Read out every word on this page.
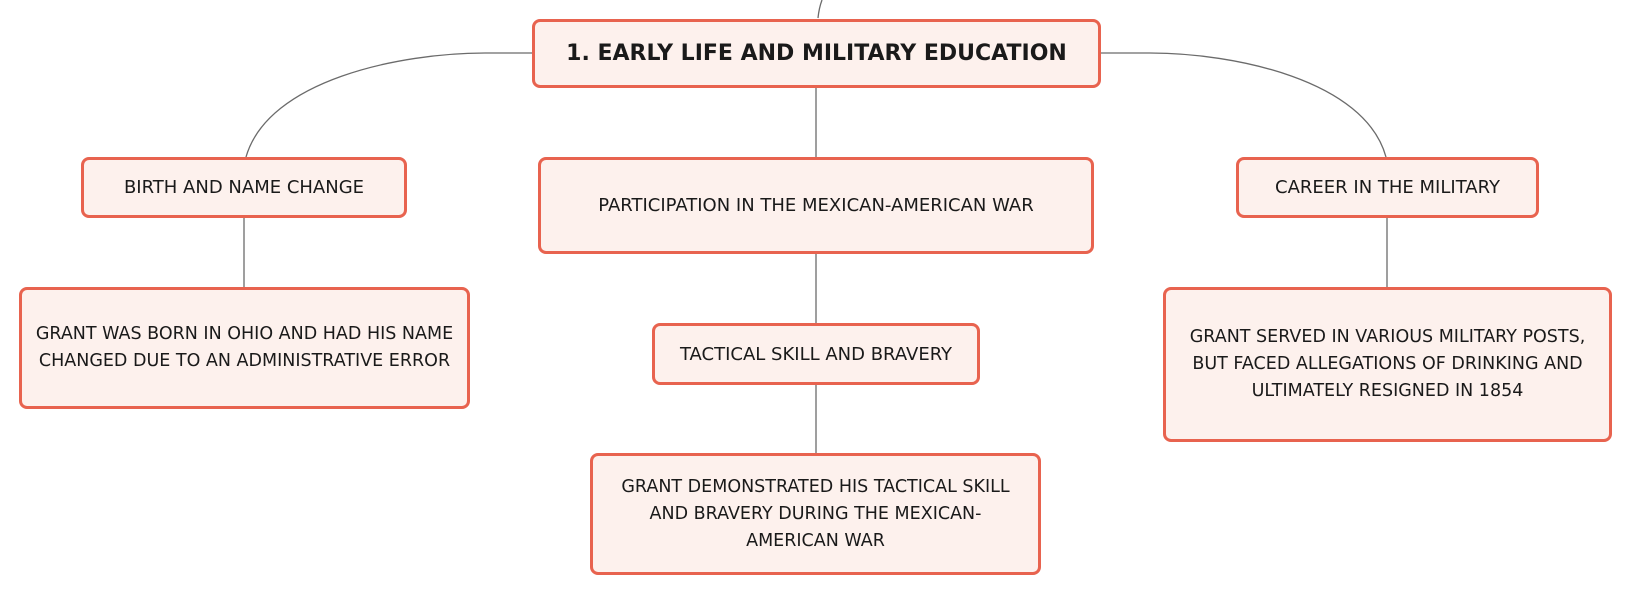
1. EARLY LIFE AND MILITARY EDUCATION
BIRTH AND NAME CHANGE
PARTICIPATION IN THE MEXICAN-AMERICAN WAR
CAREER IN THE MILITARY
GRANT WAS BORN IN OHIO AND HAD HIS NAME CHANGED DUE TO AN ADMINISTRATIVE ERROR	TACTICAL SKILL AND BRAVERY
GRANT DEMONSTRATED HIS TACTICAL SKILL AND BRAVERY DURING THE MEXICAN-AMERICAN WAR
GRANT SERVED IN VARIOUS MILITARY POSTS, BUT FACED ALLEGATIONS OF DRINKING AND ULTIMATELY RESIGNED IN 1854
